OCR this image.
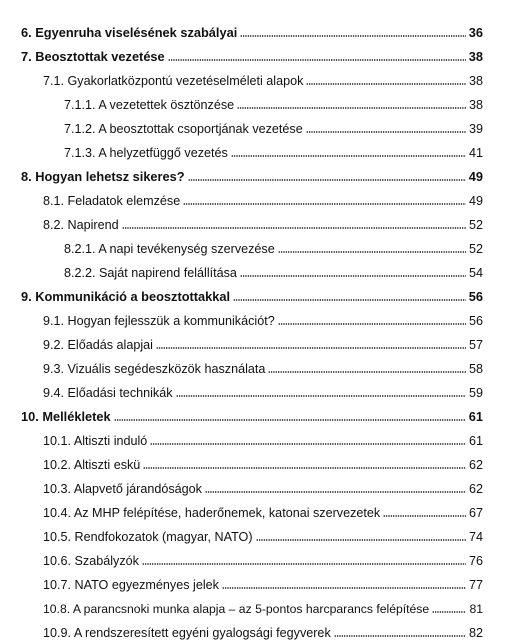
6. Egyenruha viselésének szabályai	36
7. Beosztottak vezetése	38
7.1. Gyakorlatközpontú vezetéselméleti alapok	38
7.1.1. A vezetettek ösztönzése	38
7.1.2. A beosztottak csoportjának vezetése	39
7.1.3. A helyzetfüggő vezetés	41
8. Hogyan lehetsz sikeres?	49
8.1. Feladatok elemzése	49
8.2. Napirend	52
8.2.1. A napi tevékenység szervezése	52
8.2.2. Saját napirend felállítása	54
9. Kommunikáció a beosztottakkal	56
9.1. Hogyan fejlesszük a kommunikációt?	56
9.2. Előadás alapjai	57
9.3. Vizuális segédeszközök használata	58
9.4. Előadási technikák	59
10. Mellékletek	61
10.1. Altiszti induló	61
10.2. Altiszti eskü	62
10.3. Alapvető járandóságok	62
10.4. Az MHP felépítése, haderőnemek, katonai szervezetek	67
10.5. Rendfokozatok (magyar, NATO)	74
10.6. Szabályzók	76
10.7. NATO egyezményes jelek	77
10.8. A parancsnoki munka alapja – az 5-pontos harcparancs felépítése	81
10.9. A rendszeresített egyéni gyalogsági fegyverek	82
